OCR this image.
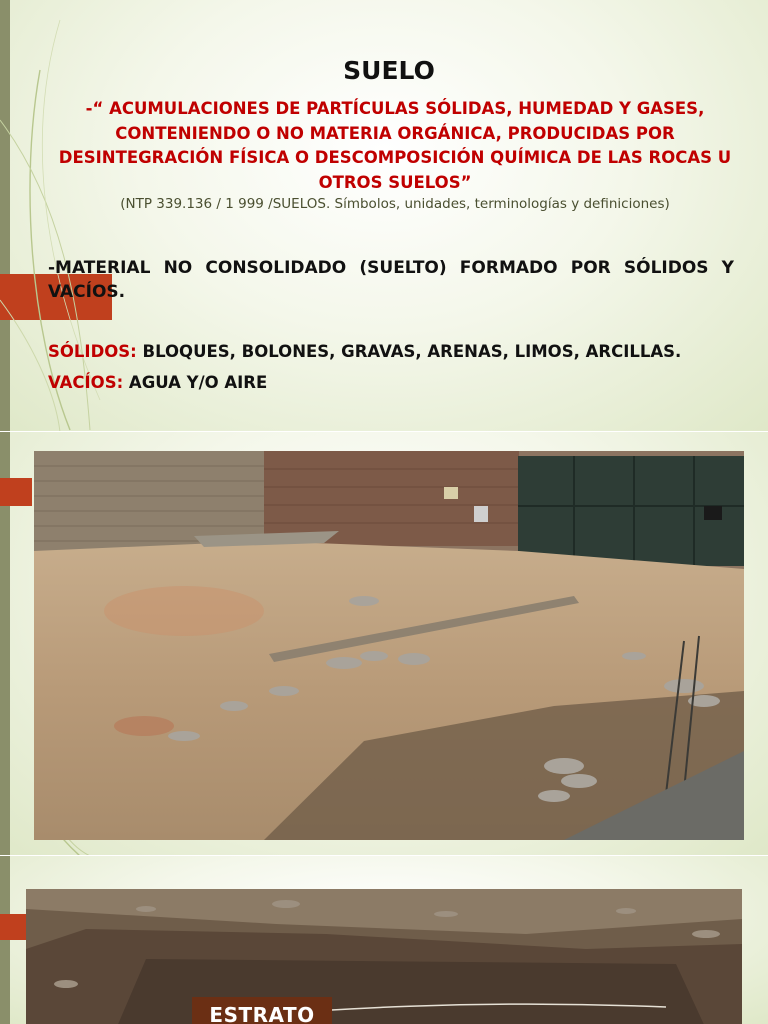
SUELO
-“ ACUMULACIONES DE PARTÍCULAS SÓLIDAS, HUMEDAD Y GASES, CONTENIENDO O NO MATERIA ORGÁNICA, PRODUCIDAS POR DESINTEGRACIÓN FÍSICA O DESCOMPOSICIÓN QUÍMICA DE LAS ROCAS U OTROS SUELOS”
(NTP 339.136 / 1 999 /SUELOS. Símbolos, unidades, terminologías y definiciones)
-MATERIAL NO CONSOLIDADO (SUELTO) FORMADO POR SÓLIDOS Y VACÍOS.
SÓLIDOS: BLOQUES, BOLONES, GRAVAS, ARENAS, LIMOS, ARCILLAS.
VACÍOS: AGUA Y/O AIRE
ESTRATO
